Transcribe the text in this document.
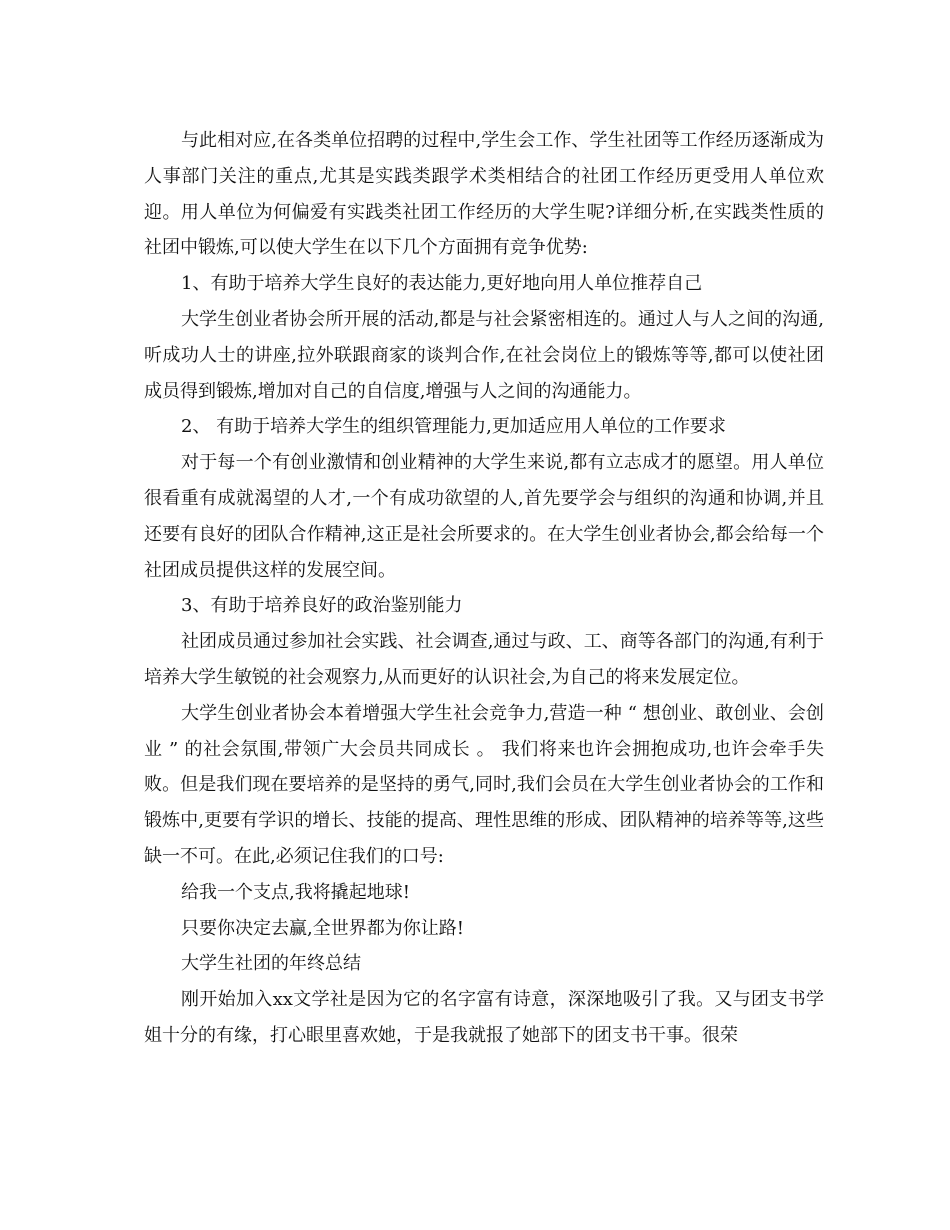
与此相对应,在各类单位招聘的过程中,学生会工作、学生社团等工作经历逐渐成为人事部门关注的重点,尤其是实践类跟学术类相结合的社团工作经历更受用人单位欢迎。用人单位为何偏爱有实践类社团工作经历的大学生呢?详细分析,在实践类性质的社团中锻炼,可以使大学生在以下几个方面拥有竞争优势:

1、有助于培养大学生良好的表达能力,更好地向用人单位推荐自己

大学生创业者协会所开展的活动,都是与社会紧密相连的。通过人与人之间的沟通,听成功人士的讲座,拉外联跟商家的谈判合作,在社会岗位上的锻炼等等,都可以使社团成员得到锻炼,增加对自己的自信度,增强与人之间的沟通能力。

2、 有助于培养大学生的组织管理能力,更加适应用人单位的工作要求

对于每一个有创业激情和创业精神的大学生来说,都有立志成才的愿望。用人单位很看重有成就渴望的人才,一个有成功欲望的人,首先要学会与组织的沟通和协调,并且还要有良好的团队合作精神,这正是社会所要求的。在大学生创业者协会,都会给每一个社团成员提供这样的发展空间。

3、有助于培养良好的政治鉴别能力

社团成员通过参加社会实践、社会调查,通过与政、工、商等各部门的沟通,有利于培养大学生敏锐的社会观察力,从而更好的认识社会,为自己的将来发展定位。

大学生创业者协会本着增强大学生社会竞争力,营造一种 “ 想创业、敢创业、会创业 ” 的社会氛围,带领广大会员共同成长 。 我们将来也许会拥抱成功,也许会牵手失败。但是我们现在要培养的是坚持的勇气,同时,我们会员在大学生创业者协会的工作和锻炼中,更要有学识的增长、技能的提高、理性思维的形成、团队精神的培养等等,这些缺一不可。在此,必须记住我们的口号:

给我一个支点,我将撬起地球!

只要你决定去赢,全世界都为你让路!

大学生社团的年终总结

刚开始加入xx文学社是因为它的名字富有诗意，深深地吸引了我。又与团支书学姐十分的有缘，打心眼里喜欢她，于是我就报了她部下的团支书干事。很荣
